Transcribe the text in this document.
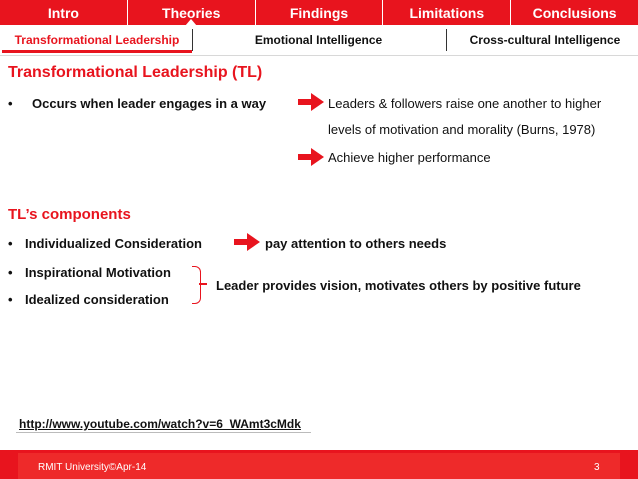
Intro	Theories	Findings	Limitations	Conclusions
Transformational Leadership	Emotional Intelligence	Cross-cultural Intelligence
Transformational Leadership (TL)
• Occurs when leader engages in a way	Leaders & followers raise one another to higher
levels of motivation and morality (Burns, 1978)
Achieve higher performance
TL’s components
• Individualized Consideration	pay attention to others needs
• Inspirational Motivation
• Idealized consideration
Leader provides vision, motivates others by positive future
http://www.youtube.com/watch?v=6_WAmt3cMdk
RMIT University©Apr-14	3
